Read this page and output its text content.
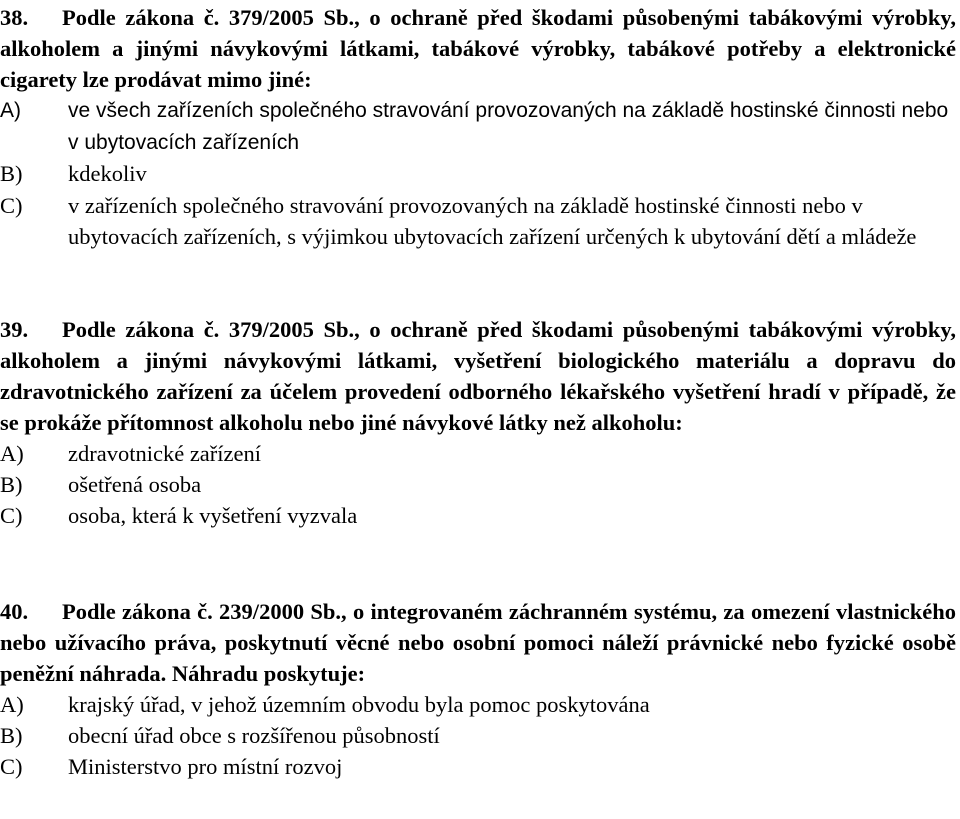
38. Podle zákona č. 379/2005 Sb., o ochraně před škodami působenými tabákovými výrobky, alkoholem a jinými návykovými látkami, tabákové výrobky, tabákové potřeby a elektronické cigarety lze prodávat mimo jiné:

A)	ve všech zařízeních společného stravování provozovaných na základě hostinské činnosti nebo v ubytovacích zařízeních
B)	kdekoliv
C)	v zařízeních společného stravování provozovaných na základě hostinské činnosti nebo v ubytovacích zařízeních, s výjimkou ubytovacích zařízení určených k ubytování dětí a mládeže

39. Podle zákona č. 379/2005 Sb., o ochraně před škodami působenými tabákovými výrobky, alkoholem a jinými návykovými látkami, vyšetření biologického materiálu a dopravu do zdravotnického zařízení za účelem provedení odborného lékařského vyšetření hradí v případě, že se prokáže přítomnost alkoholu nebo jiné návykové látky než alkoholu:

A)	zdravotnické zařízení
B)	ošetřená osoba
C)	osoba, která k vyšetření vyzvala

40. Podle zákona č. 239/2000 Sb., o integrovaném záchranném systému, za omezení vlastnického nebo užívacího práva, poskytnutí věcné nebo osobní pomoci náleží právnické nebo fyzické osobě peněžní náhrada. Náhradu poskytuje:

A)	krajský úřad, v jehož územním obvodu byla pomoc poskytována
B)	obecní úřad obce s rozšířenou působností
C)	Ministerstvo pro místní rozvoj
